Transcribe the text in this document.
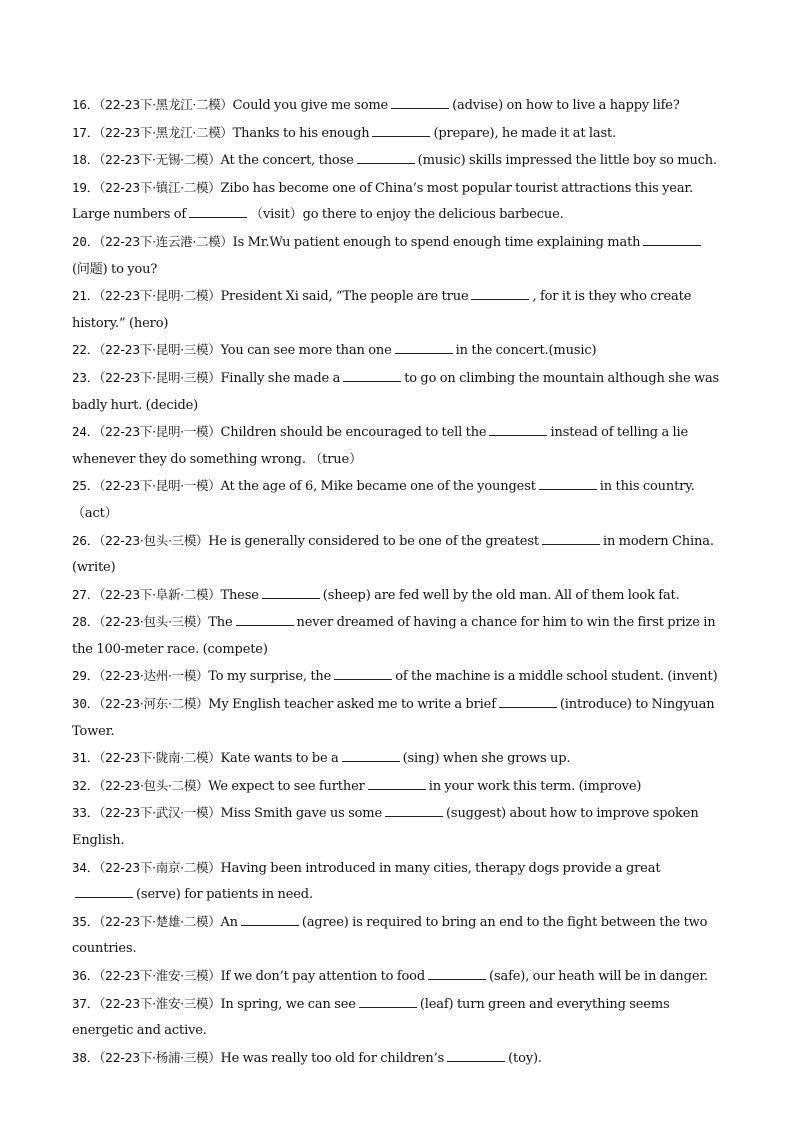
16．（22-23下·黑龙江·二模）Could you give me some	(advise) on how to live a happy life?

17．（22-23下·黑龙江·二模）Thanks to his enough	(prepare), he made it at last.

18．（22-23下·无锡·二模）At the concert, those	(music) skills impressed the little boy so much.

19．（22-23下·镇江·二模）Zibo has become one of China’s most popular tourist attractions this year. Large numbers of	（visit）go there to enjoy the delicious barbecue.

20．（22-23下·连云港·二模）Is Mr.Wu patient enough to spend enough time explaining math(问题) to you?

21．（22-23下·昆明·二模）President Xi said, “The people are true	, for it is they who create history.” (hero)

22．（22-23下·昆明·三模）You can see more than one	in the concert.(music)

23．（22-23下·昆明·三模）Finally she made a	to go on climbing the mountain although she was badly hurt. (decide)

24．（22-23下·昆明·一模）Children should be encouraged to tell the	instead of telling a lie whenever they do something wrong. （true）

25．（22-23下·昆明·一模）At the age of 6, Mike became one of the youngest	in this country.（act）

26．（22-23·包头·三模）He is generally considered to be one of the greatest	in modern China.(write)

27．（22-23下·阜新·二模）These	(sheep) are fed well by the old man. All of them look fat.

28．（22-23·包头·三模）The	never dreamed of having a chance for him to win the first prize in the 100-meter race. (compete)

29．（22-23·达州·一模）To my surprise, the	of the machine is a middle school student. (invent)

30．（22-23·河东·二模）My English teacher asked me to write a brief	(introduce) to Ningyuan Tower.

31．（22-23下·陇南·二模）Kate wants to be a	(sing) when she grows up.

32．（22-23·包头·二模）We expect to see further	in your work this term. (improve)

33．（22-23下·武汉·一模）Miss Smith gave us some	(suggest) about how to improve spoken English.

34．（22-23下·南京·二模）Having been introduced in many cities, therapy dogs provide a great(serve) for patients in need.

35．（22-23下·楚雄·二模）An	(agree) is required to bring an end to the fight between the two countries.

36．（22-23下·淮安·三模）If we don’t pay attention to food	(safe), our heath will be in danger.

37．（22-23下·淮安·三模）In spring, we can see	(leaf) turn green and everything seems energetic and active.

38．（22-23下·杨浦·三模）He was really too old for children’s	(toy).
